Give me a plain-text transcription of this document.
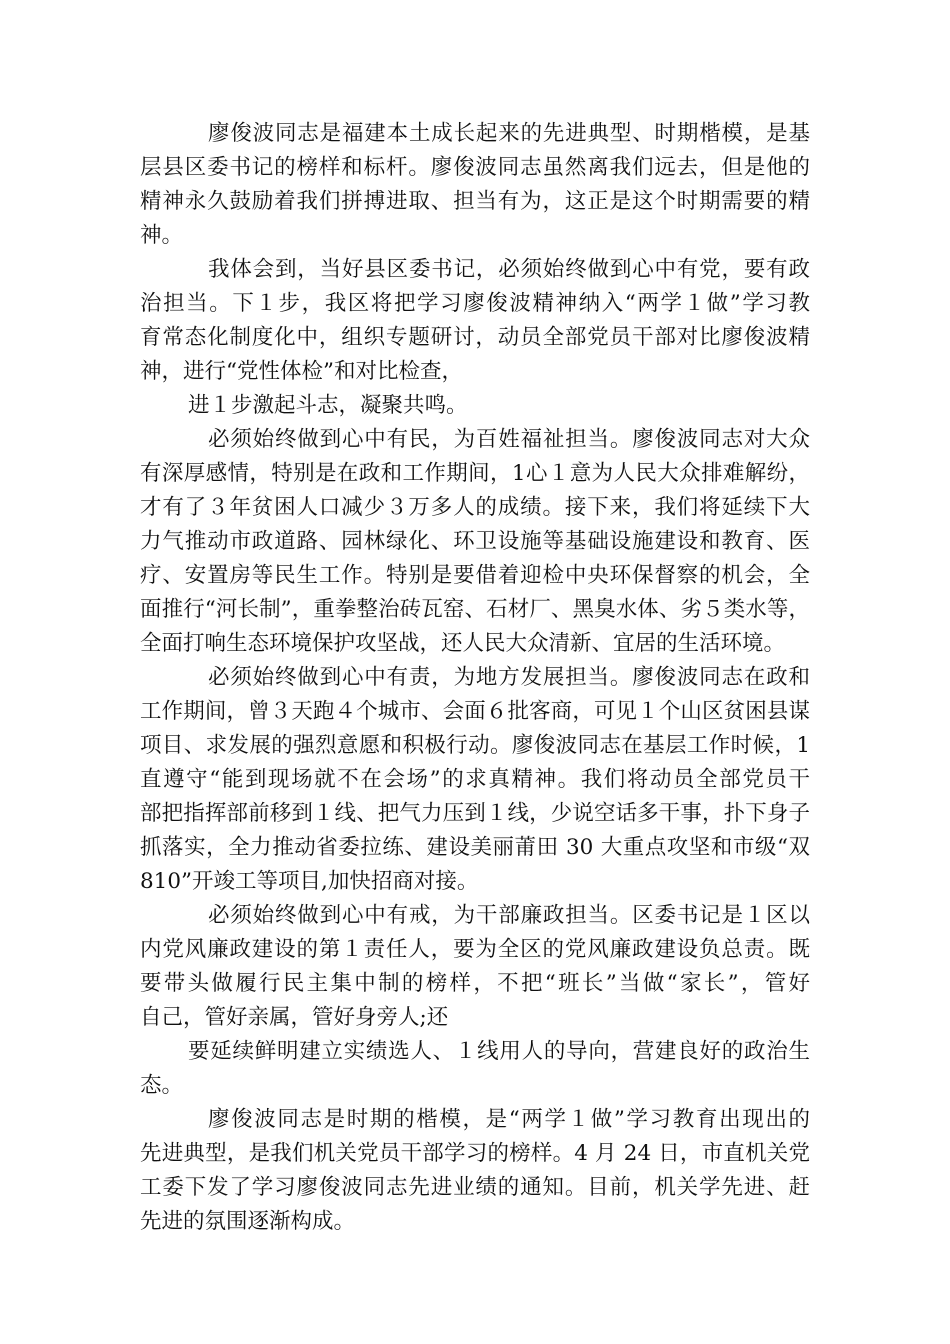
廖俊波同志是福建本土成长起来的先进典型、时期楷模，是基
层县区委书记的榜样和标杆。廖俊波同志虽然离我们远去，但是他的
精神永久鼓励着我们拼搏进取、担当有为，这正是这个时期需要的精
神。
我体会到，当好县区委书记，必须始终做到心中有党，要有政
治担当。下１步，我区将把学习廖俊波精神纳入“两学１做”学习教
育常态化制度化中，组织专题研讨，动员全部党员干部对比廖俊波精
神，进行“党性体检”和对比检查，
进１步激起斗志，凝聚共鸣。
必须始终做到心中有民，为百姓福祉担当。廖俊波同志对大众
有深厚感情，特别是在政和工作期间，1心１意为人民大众排难解纷，
才有了３年贫困人口减少３万多人的成绩。接下来，我们将延续下大
力气推动市政道路、园林绿化、环卫设施等基础设施建设和教育、医
疗、安置房等民生工作。特别是要借着迎检中央环保督察的机会，全
面推行“河长制”，重拳整治砖瓦窑、石材厂、黑臭水体、劣５类水等，
全面打响生态环境保护攻坚战，还人民大众清新、宜居的生活环境。
必须始终做到心中有责，为地方发展担当。廖俊波同志在政和
工作期间，曾３天跑４个城市、会面６批客商，可见１个山区贫困县谋
项目、求发展的强烈意愿和积极行动。廖俊波同志在基层工作时候，1
直遵守“能到现场就不在会场”的求真精神。我们将动员全部党员干
部把指挥部前移到１线、把气力压到１线，少说空话多干事，扑下身子
抓落实，全力推动省委拉练、建设美丽莆田 30 大重点攻坚和市级“双
810”开竣工等项目,加快招商对接。
必须始终做到心中有戒，为干部廉政担当。区委书记是１区以
内党风廉政建设的第１责任人，要为全区的党风廉政建设负总责。既
要带头做履行民主集中制的榜样，不把“班长”当做“家长”，管好
自己，管好亲属，管好身旁人;还
要延续鲜明建立实绩选人、１线用人的导向，营建良好的政治生
态。
廖俊波同志是时期的楷模，是“两学１做”学习教育出现出的
先进典型，是我们机关党员干部学习的榜样。4 月 24 日，市直机关党
工委下发了学习廖俊波同志先进业绩的通知。目前，机关学先进、赶
先进的氛围逐渐构成。
